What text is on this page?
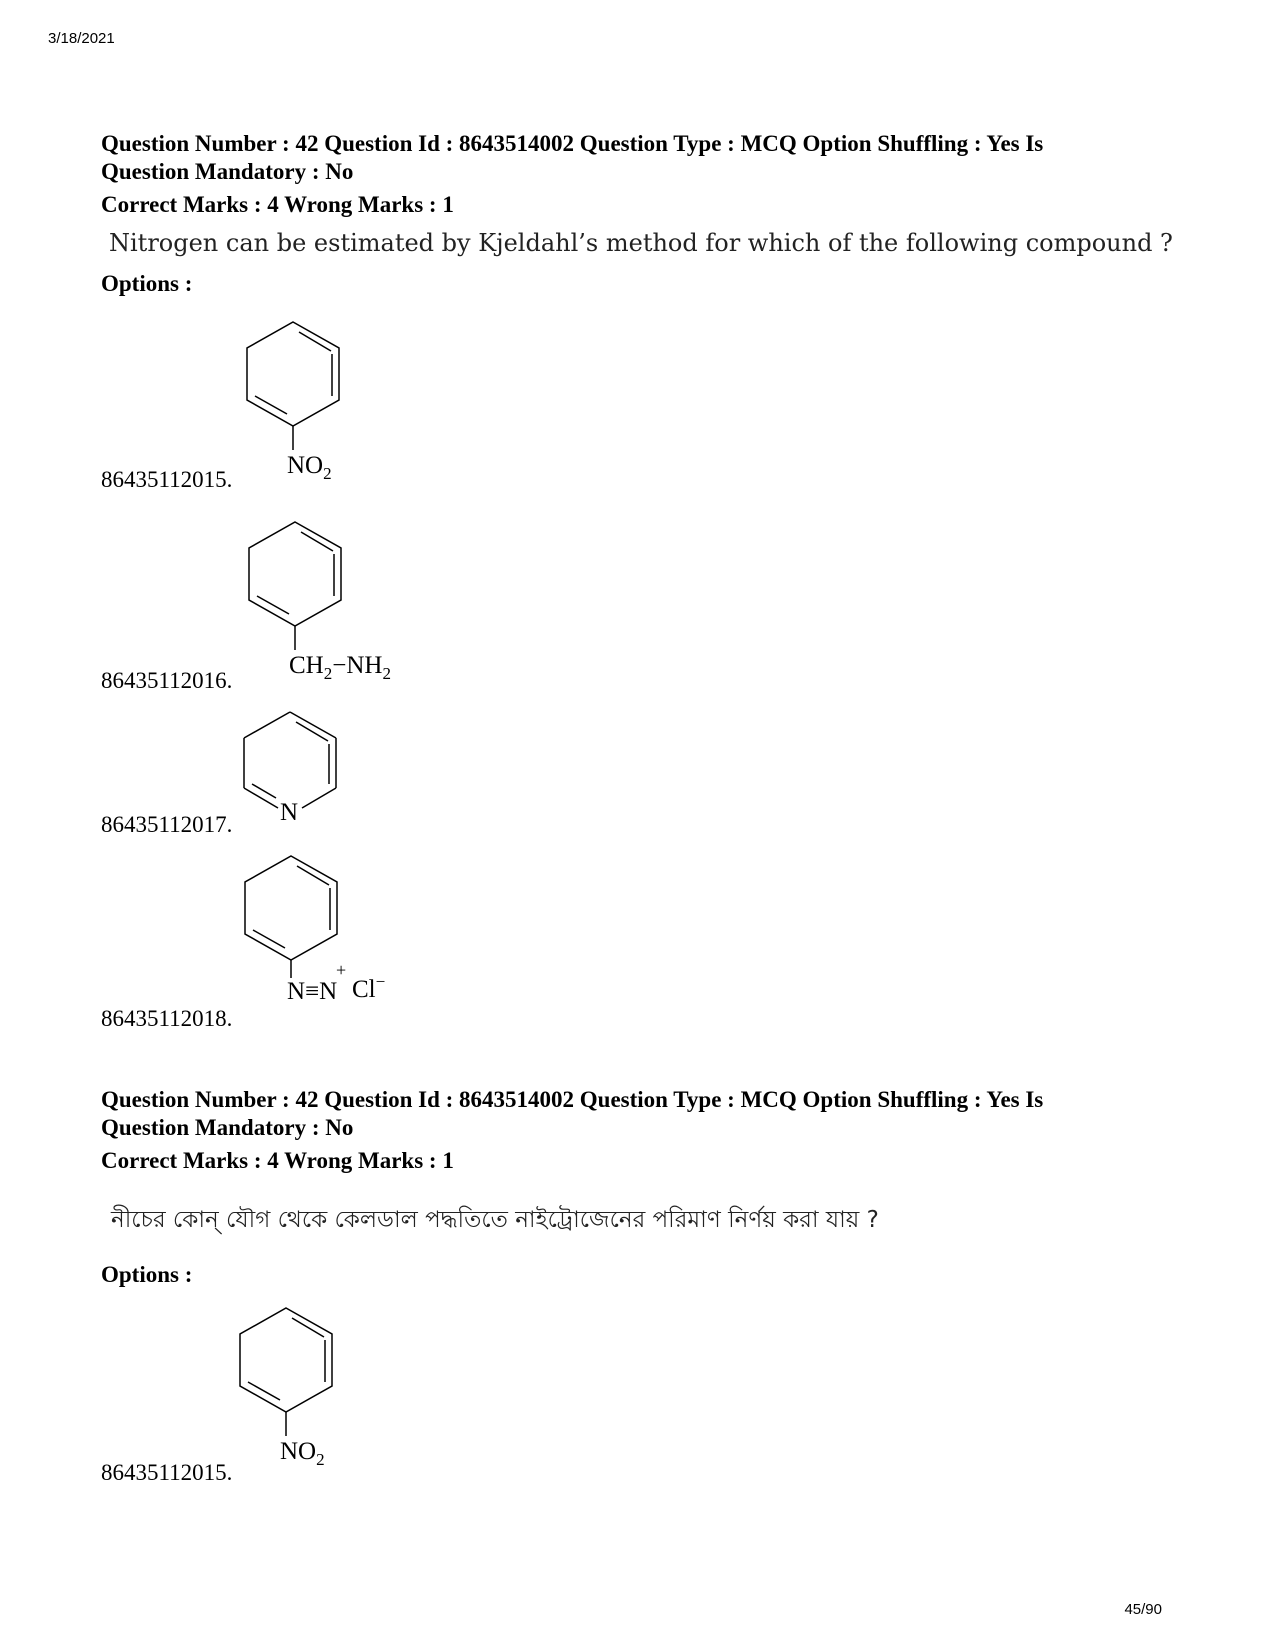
3/18/2021
Question Number : 42 Question Id : 8643514002 Question Type : MCQ Option Shuffling : Yes Is
Question Mandatory : No
Correct Marks : 4 Wrong Marks : 1
Nitrogen can be estimated by Kjeldahl’s method for which of the following compound ?
Options :
86435112015.
$NO_2$
86435112016.
$CH_2-NH_2$
86435112017. N
86435112018.
N≡N
+
Cl−
Question Number : 42 Question Id : 8643514002 Question Type : MCQ Option Shuffling : Yes Is
Question Mandatory : No
Correct Marks : 4 Wrong Marks : 1
নীচের কোন্ যৌগ থেকে কেলডাল পদ্ধতিতে নাইট্রোজেনের পরিমাণ নির্ণয় করা যায় ?
Options :
86435112015.
$NO_2$
45/90
